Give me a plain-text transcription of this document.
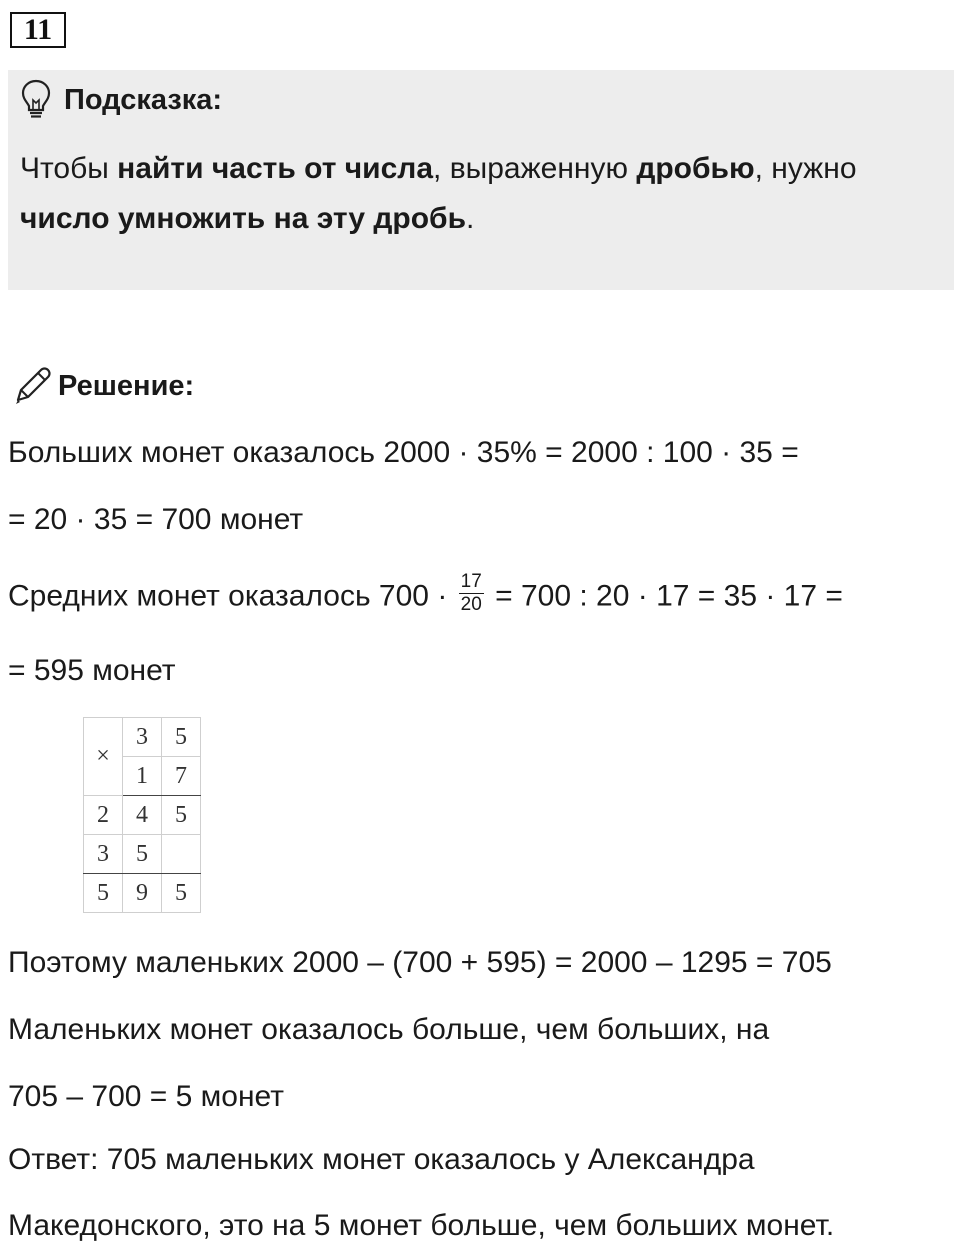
11
Подсказка:
Чтобы найти часть от числа, выраженную дробью, нужно число умножить на эту дробь.
Решение:
Больших монет оказалось 2000 · 35% = 2000 : 100 · 35 =
= 20 · 35 = 700 монет
Средних монет оказалось $700 \cdot \frac{17}{20} = 700$ : 20 · 17 = 35 · 17 =
= 595 монет
×	3	5
	1	7
2	4	5
3	5	
5	9	5
Поэтому маленьких 2000 – (700 + 595) = 2000 – 1295 = 705
Маленьких монет оказалось больше, чем больших, на
705 – 700 = 5 монет
Ответ: 705 маленьких монет оказалось у Александра
Македонского, это на 5 монет больше, чем больших монет.
